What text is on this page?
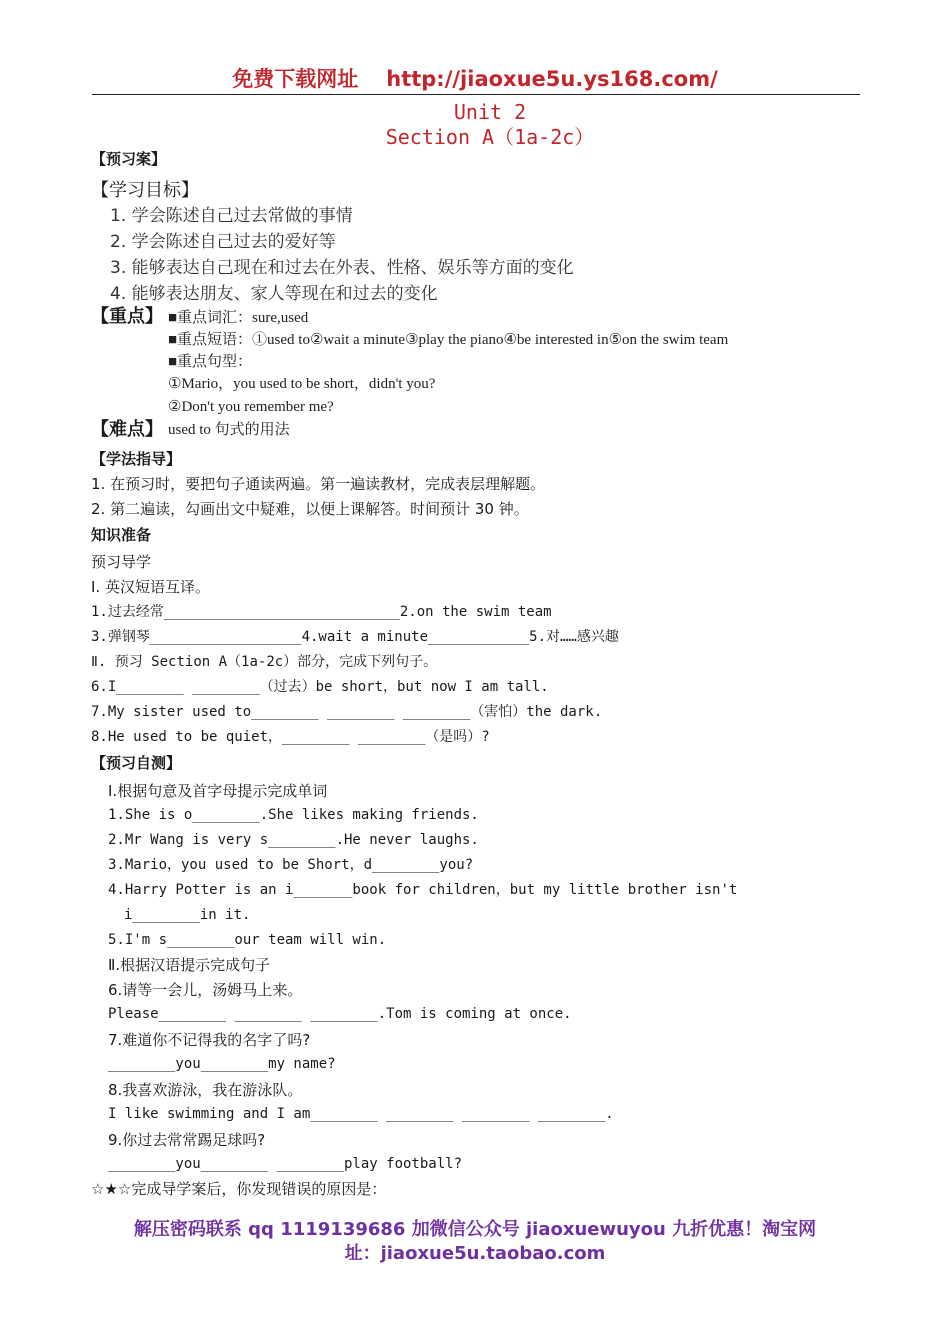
免费下载网址 http://jiaoxue5u.ys168.com/
Unit 2
Section A（1a-2c）
【预习案】
【学习目标】
1. 学会陈述自己过去常做的事情
2. 学会陈述自己过去的爱好等
3. 能够表达自己现在和过去在外表、性格、娱乐等方面的变化
4. 能够表达朋友、家人等现在和过去的变化
【重点】 ■重点词汇：sure,used
■重点短语：①used to②wait a minute③play the piano④be interested in⑤on the swim team
■重点句型：
①Mario，you used to be short，didn't you?
②Don't you remember me?
【难点】 used to 句式的用法
【学法指导】
1. 在预习时，要把句子通读两遍。第一遍读教材，完成表层理解题。
2. 第二遍读，勾画出文中疑难，以便上课解答。时间预计 30 钟。
知识准备
预习导学
Ⅰ. 英汉短语互译。
1.过去经常____________________________2.on the swim team
3.弹钢琴__________________4.wait a minute____________5.对……感兴趣
Ⅱ. 预习 Section A（1a-2c）部分，完成下列句子。
6.I________ ________（过去）be short，but now I am tall.
7.My sister used to________ ________ ________（害怕）the dark.
8.He used to be quiet，________ ________（是吗）?
【预习自测】
I.根据句意及首字母提示完成单词
1.She is o________.She likes making friends.
2.Mr Wang is very s________.He never laughs.
3.Mario，you used to be Short，d________you?
4.Harry Potter is an i_______book for children，but my little brother isn't
i________in it.
5.I'm s________our team will win.
Ⅱ.根据汉语提示完成句子
6.请等一会儿，汤姆马上来。
Please________ ________ ________.Tom is coming at once.
7.难道你不记得我的名字了吗?
________you________my name?
8.我喜欢游泳，我在游泳队。
I like swimming and I am________ ________ ________ ________.
9.你过去常常踢足球吗?
________you________ ________play football?
☆★☆完成导学案后，你发现错误的原因是：
解压密码联系 qq 1119139686 加微信公众号 jiaoxuewuyou 九折优惠！淘宝网
址：jiaoxue5u.taobao.com
